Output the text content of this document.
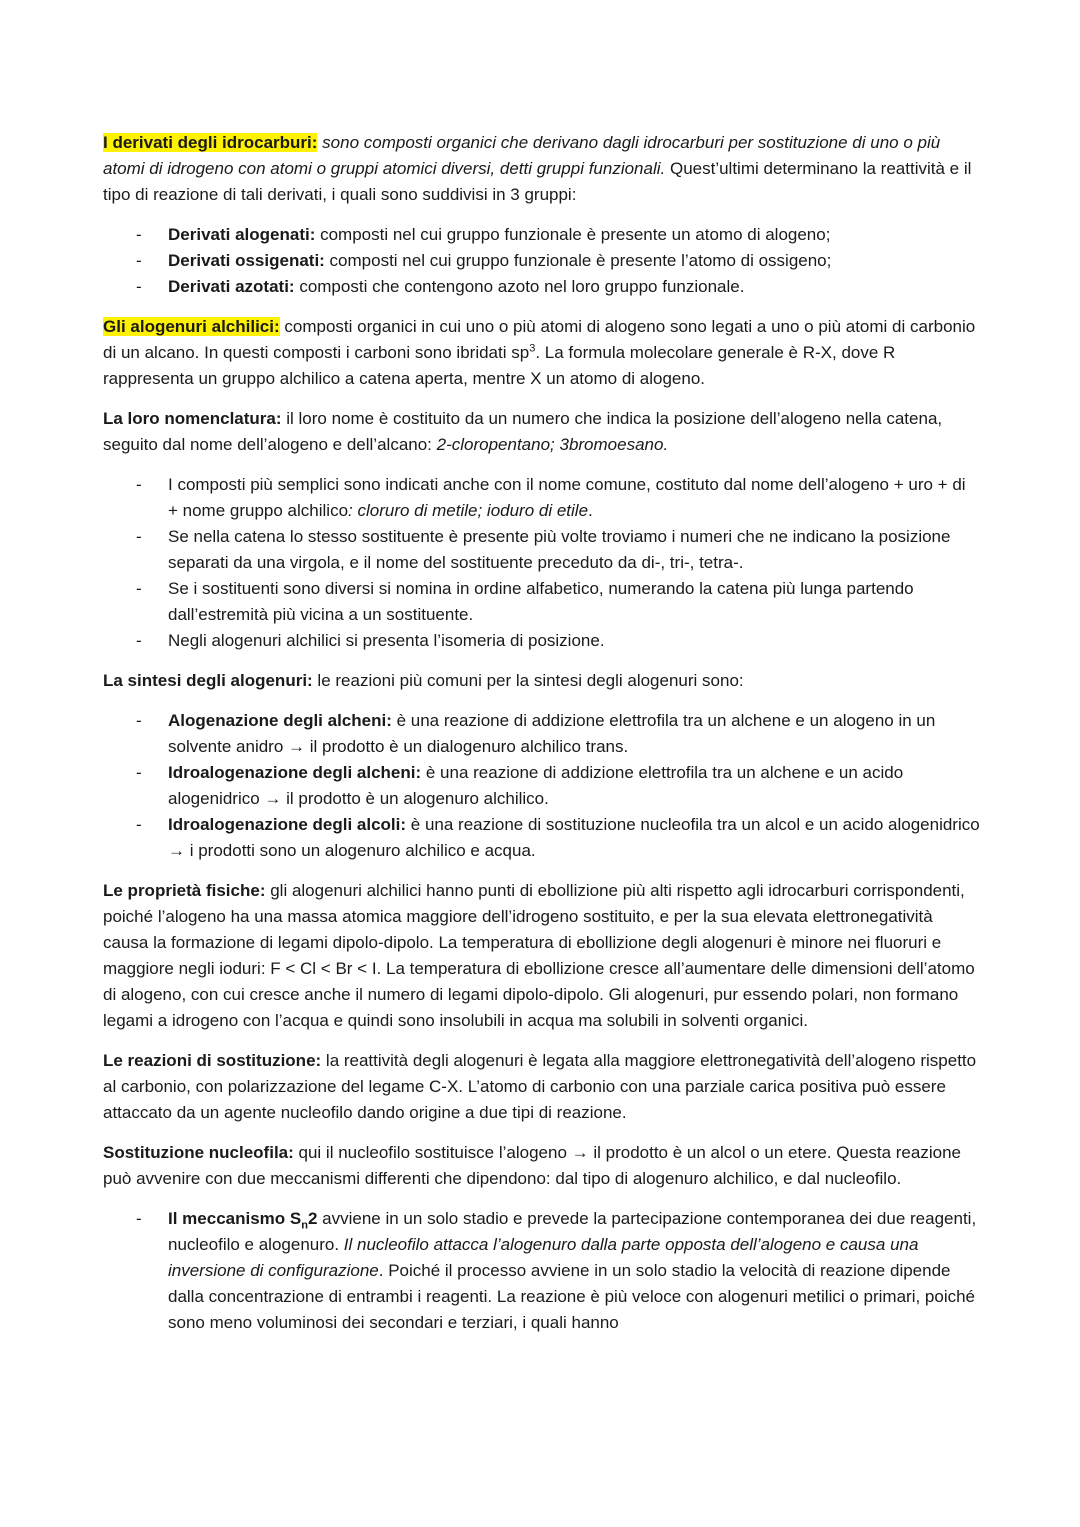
I derivati degli idrocarburi: sono composti organici che derivano dagli idrocarburi per sostituzione di uno o più atomi di idrogeno con atomi o gruppi atomici diversi, detti gruppi funzionali. Quest’ultimi determinano la reattività e il tipo di reazione di tali derivati, i quali sono suddivisi in 3 gruppi:

- Derivati alogenati: composti nel cui gruppo funzionale è presente un atomo di alogeno;
- Derivati ossigenati: composti nel cui gruppo funzionale è presente l’atomo di ossigeno;
- Derivati azotati: composti che contengono azoto nel loro gruppo funzionale.

Gli alogenuri alchilici: composti organici in cui uno o più atomi di alogeno sono legati a uno o più atomi di carbonio di un alcano. In questi composti i carboni sono ibridati $sp^3$. La formula molecolare generale è R-X, dove R rappresenta un gruppo alchilico a catena aperta, mentre X un atomo di alogeno.

La loro nomenclatura: il loro nome è costituito da un numero che indica la posizione dell’alogeno nella catena, seguito dal nome dell’alogeno e dell’alcano: 2-cloropentano; 3bromoesano.

- I composti più semplici sono indicati anche con il nome comune, costituto dal nome dell’alogeno + uro + di + nome gruppo alchilico: cloruro di metile; ioduro di etile.
- Se nella catena lo stesso sostituente è presente più volte troviamo i numeri che ne indicano la posizione separati da una virgola, e il nome del sostituente preceduto da di-, tri-, tetra-.
- Se i sostituenti sono diversi si nomina in ordine alfabetico, numerando la catena più lunga partendo dall’estremità più vicina a un sostituente.
- Negli alogenuri alchilici si presenta l’isomeria di posizione.

La sintesi degli alogenuri: le reazioni più comuni per la sintesi degli alogenuri sono:

- Alogenazione degli alcheni: è una reazione di addizione elettrofila tra un alchene e un alogeno in un solvente anidro → il prodotto è un dialogenuro alchilico trans.
- Idroalogenazione degli alcheni: è una reazione di addizione elettrofila tra un alchene e un acido alogenidrico → il prodotto è un alogenuro alchilico.
- Idroalogenazione degli alcoli: è una reazione di sostituzione nucleofila tra un alcol e un acido alogenidrico → i prodotti sono un alogenuro alchilico e acqua.

Le proprietà fisiche: gli alogenuri alchilici hanno punti di ebollizione più alti rispetto agli idrocarburi corrispondenti, poiché l’alogeno ha una massa atomica maggiore dell’idrogeno sostituito, e per la sua elevata elettronegatività causa la formazione di legami dipolo-dipolo. La temperatura di ebollizione degli alogenuri è minore nei fluoruri e maggiore negli ioduri: F < Cl < Br < I. La temperatura di ebollizione cresce all’aumentare delle dimensioni dell’atomo di alogeno, con cui cresce anche il numero di legami dipolo-dipolo. Gli alogenuri, pur essendo polari, non formano legami a idrogeno con l’acqua e quindi sono insolubili in acqua ma solubili in solventi organici.

Le reazioni di sostituzione: la reattività degli alogenuri è legata alla maggiore elettronegatività dell’alogeno rispetto al carbonio, con polarizzazione del legame C-X. L’atomo di carbonio con una parziale carica positiva può essere attaccato da un agente nucleofilo dando origine a due tipi di reazione.

Sostituzione nucleofila: qui il nucleofilo sostituisce l’alogeno → il prodotto è un alcol o un etere. Questa reazione può avvenire con due meccanismi differenti che dipendono: dal tipo di alogenuro alchilico, e dal nucleofilo.

- Il meccanismo $S_n2$ avviene in un solo stadio e prevede la partecipazione contemporanea dei due reagenti, nucleofilo e alogenuro. Il nucleofilo attacca l’alogenuro dalla parte opposta dell’alogeno e causa una inversione di configurazione. Poiché il processo avviene in un solo stadio la velocità di reazione dipende dalla concentrazione di entrambi i reagenti. La reazione è più veloce con alogenuri metilici o primari, poiché sono meno voluminosi dei secondari e terziari, i quali hanno
